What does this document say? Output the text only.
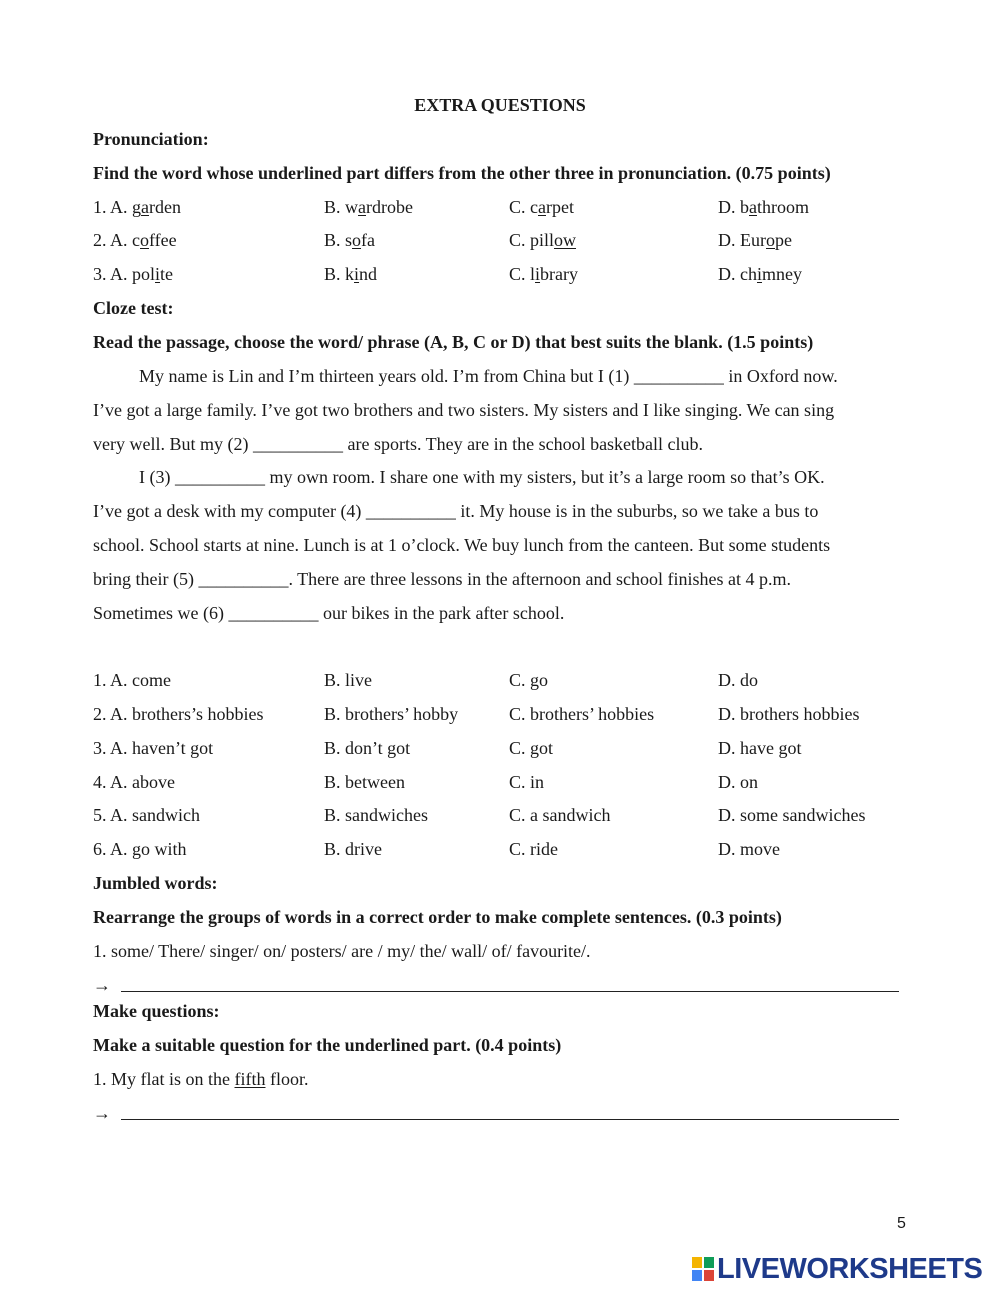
EXTRA QUESTIONS
Pronunciation:
Find the word whose underlined part differs from the other three in pronunciation. (0.75 points)
1. A. garden	B. wardrobe	C. carpet	D. bathroom
2. A. coffee	B. sofa	C. pillow	D. Europe
3. A. polite	B. kind	C. library	D. chimney
Cloze test:
Read the passage, choose the word/ phrase (A, B, C or D) that best suits the blank. (1.5 points)
My name is Lin and I’m thirteen years old. I’m from China but I (1) __________ in Oxford now.
I’ve got a large family. I’ve got two brothers and two sisters. My sisters and I like singing. We can sing
very well. But my (2) __________ are sports. They are in the school basketball club.
I (3) __________ my own room. I share one with my sisters, but it’s a large room so that’s OK.
I’ve got a desk with my computer (4) __________ it. My house is in the suburbs, so we take a bus to
school. School starts at nine. Lunch is at 1 o’clock. We buy lunch from the canteen. But some students
bring their (5) __________. There are three lessons in the afternoon and school finishes at 4 p.m.
Sometimes we (6) __________ our bikes in the park after school.
1. A. come	B. live	C. go	D. do
2. A. brothers’s hobbies	B. brothers’ hobby	C. brothers’ hobbies	D. brothers hobbies
3. A. haven’t got	B. don’t got	C. got	D. have got
4. A. above	B. between	C. in	D. on
5. A. sandwich	B. sandwiches	C. a sandwich	D. some sandwiches
6. A. go with	B. drive	C. ride	D. move
Jumbled words:
Rearrange the groups of words in a correct order to make complete sentences. (0.3 points)
1. some/ There/ singer/ on/ posters/ are / my/ the/ wall/ of/ favourite/.
→
Make questions:
Make a suitable question for the underlined part. (0.4 points)
1. My flat is on the fifth floor.
→
5
LIVEWORKSHEETS
